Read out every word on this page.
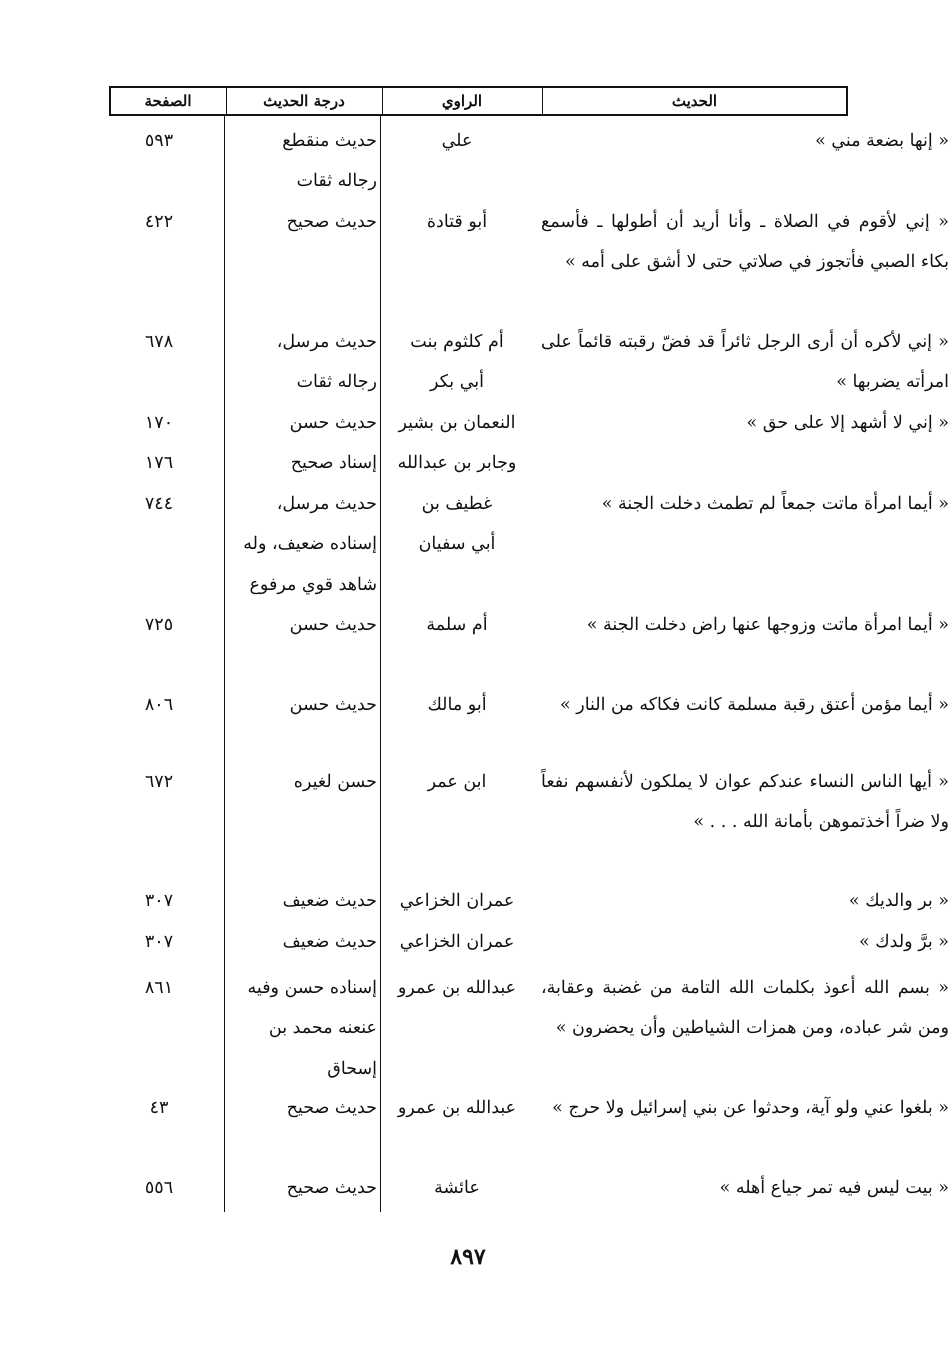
الحديث
الراوي
درجة الحديث
الصفحة
« إنها بضعة مني »
علي
حديث منقطع
رجاله ثقات
٥٩٣
« إني لأقوم في الصلاة ـ وأنا أريد أن أطولها ـ فأسمع بكاء الصبي فأتجوز في صلاتي حتى لا أشق على أمه »
أبو قتادة
حديث صحيح
٤٢٢
« إني لأكره أن أرى الرجل ثائراً قد فضّ رقبته قائماً على امرأته يضربها »
أم كلثوم بنت
أبي بكر
حديث مرسل،
رجاله ثقات
٦٧٨
« إني لا أشهد إلا على حق »
النعمان بن بشير
وجابر بن عبدالله
حديث حسن
إسناد صحيح
١٧٠
١٧٦
« أيما امرأة ماتت جمعاً لم تطمث دخلت الجنة »
غطيف بن
أبي سفيان
حديث مرسل،
إسناده ضعيف، وله
شاهد قوي مرفوع
٧٤٤
« أيما امرأة ماتت وزوجها عنها راض دخلت الجنة »
أم سلمة
حديث حسن
٧٢٥
« أيما مؤمن أعتق رقبة مسلمة كانت فكاكه من النار »
أبو مالك
حديث حسن
٨٠٦
« أيها الناس النساء عندكم عوان لا يملكون لأنفسهم نفعاً ولا ضراً أخذتموهن بأمانة الله . . . »
ابن عمر
حسن لغيره
٦٧٢
« بر والديك »
عمران الخزاعي
حديث ضعيف
٣٠٧
« برَّ ولدك »
عمران الخزاعي
حديث ضعيف
٣٠٧
« بسم الله أعوذ بكلمات الله التامة من غضبة وعقابة، ومن شر عباده، ومن همزات الشياطين وأن يحضرون »
عبدالله بن عمرو
إسناده حسن وفيه
عنعنه محمد بن
إسحاق
٨٦١
« بلغوا عني ولو آية، وحدثوا عن بني إسرائيل ولا حرج »
عبدالله بن عمرو
حديث صحيح
٤٣
« بيت ليس فيه تمر جياع أهله »
عائشة
حديث صحيح
٥٥٦
٨٩٧
